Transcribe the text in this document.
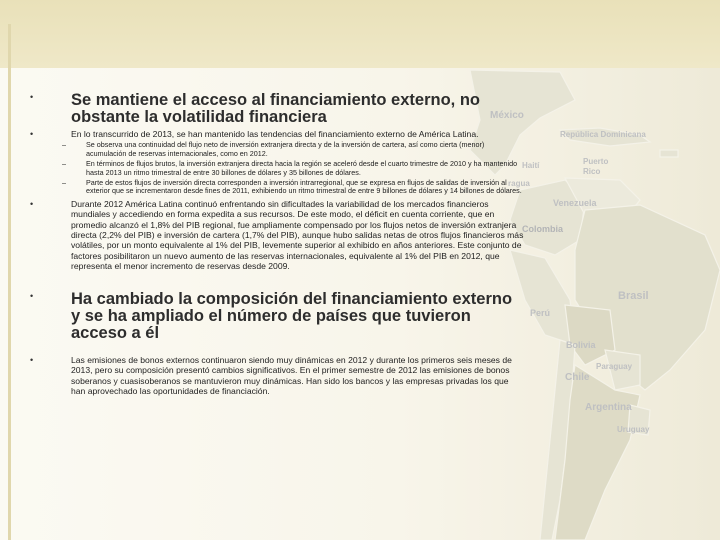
México
República Dominicana
Haití	Puerto Rico
ragua
Venezuela
Colombia
Brasil
Perú
Bolivia
Paraguay
Chile
Argentina
Uruguay
• Se mantiene el acceso al financiamiento externo, no obstante la volatilidad financiera
•	En lo transcurrido de 2013, se han mantenido las tendencias del financiamiento externo de América Latina.
–	Se observa una continuidad del flujo neto de inversión extranjera directa y de la inversión de cartera, así como cierta (menor) acumulación de reservas internacionales, como en 2012.
–	En términos de flujos brutos, la inversión extranjera directa hacia la región se aceleró desde el cuarto trimestre de 2010 y ha mantenido hasta 2013 un ritmo trimestral de entre 30 billones de dólares y 35 billones de dólares.
–	Parte de estos flujos de inversión directa corresponden a inversión intrarregional, que se expresa en flujos de salidas de inversión al exterior que se incrementaron desde fines de 2011, exhibiendo un ritmo trimestral de entre 9 billones de dólares y 14 billones de dólares.
•	Durante 2012 América Latina continuó enfrentando sin dificultades la variabilidad de los mercados financieros mundiales y accediendo en forma expedita a sus recursos. De este modo, el déficit en cuenta corriente, que en promedio alcanzó el 1,8% del PIB regional, fue ampliamente compensado por los flujos netos de inversión extranjera directa (2,2% del PIB) e inversión de cartera (1,7% del PIB), aunque hubo salidas netas de otros flujos financieros más volátiles, por un monto equivalente al 1% del PIB, levemente superior al exhibido en años anteriores. Este conjunto de factores posibilitaron un nuevo aumento de las reservas internacionales, equivalente al 1% del PIB en 2012, que representa el menor incremento de reservas desde 2009.
• Ha cambiado la composición del financiamiento externo y se ha ampliado el número de países que tuvieron acceso a él
•	Las emisiones de bonos externos continuaron siendo muy dinámicas en 2012 y durante los primeros seis meses de 2013, pero su composición presentó cambios significativos. En el primer semestre de 2012 las emisiones de bonos soberanos y cuasisoberanos se mantuvieron muy dinámicas. Han sido los bancos y las empresas privadas los que han aprovechado las oportunidades de financiación.
